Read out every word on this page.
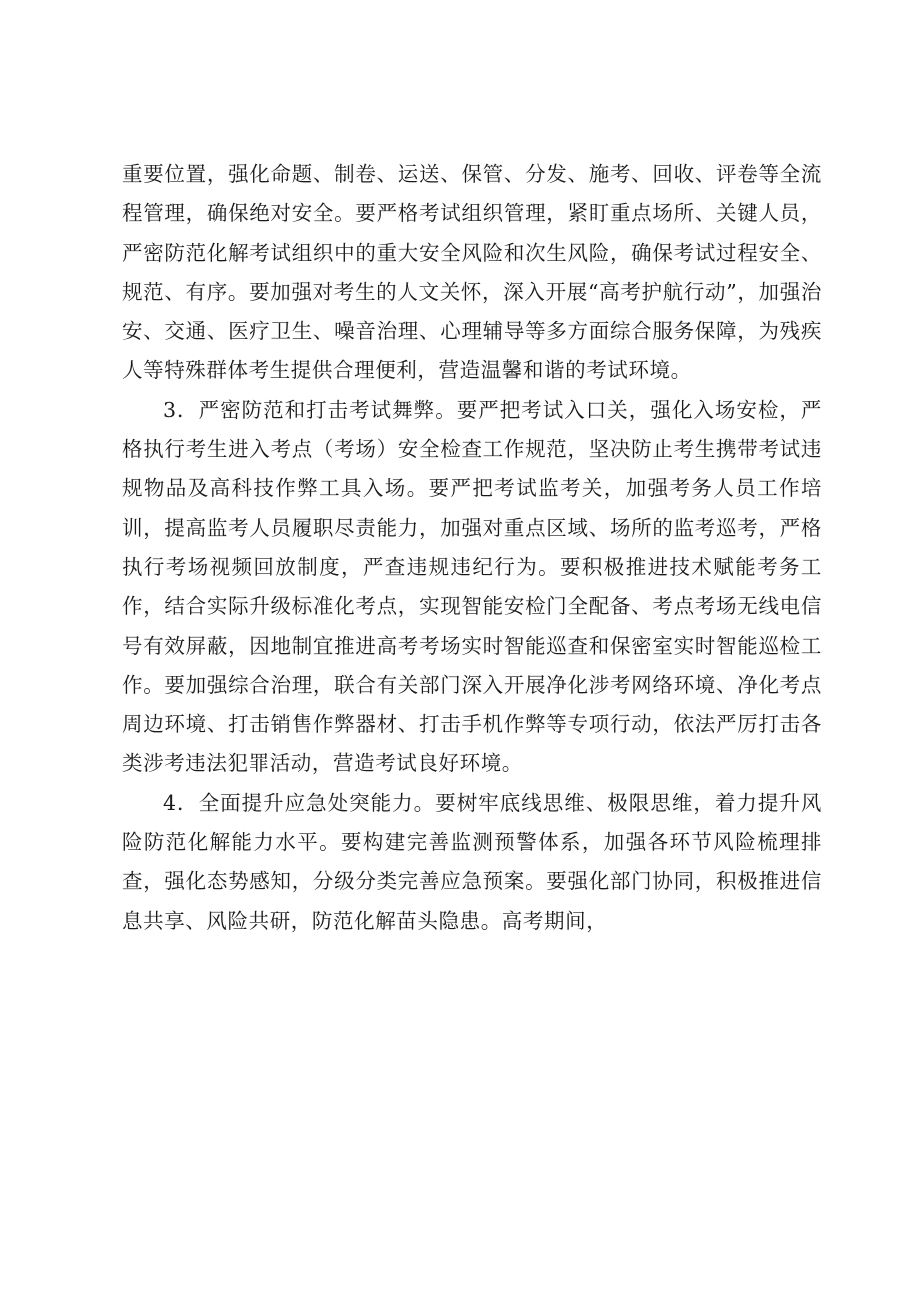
重要位置，强化命题、制卷、运送、保管、分发、施考、回收、评卷等全流程管理，确保绝对安全。要严格考试组织管理，紧盯重点场所、关键人员，严密防范化解考试组织中的重大安全风险和次生风险，确保考试过程安全、规范、有序。要加强对考生的人文关怀，深入开展“高考护航行动”，加强治安、交通、医疗卫生、噪音治理、心理辅导等多方面综合服务保障，为残疾人等特殊群体考生提供合理便利，营造温馨和谐的考试环境。

3．严密防范和打击考试舞弊。要严把考试入口关，强化入场安检，严格执行考生进入考点（考场）安全检查工作规范，坚决防止考生携带考试违规物品及高科技作弊工具入场。要严把考试监考关，加强考务人员工作培训，提高监考人员履职尽责能力，加强对重点区域、场所的监考巡考，严格执行考场视频回放制度，严查违规违纪行为。要积极推进技术赋能考务工作，结合实际升级标准化考点，实现智能安检门全配备、考点考场无线电信号有效屏蔽，因地制宜推进高考考场实时智能巡查和保密室实时智能巡检工作。要加强综合治理，联合有关部门深入开展净化涉考网络环境、净化考点周边环境、打击销售作弊器材、打击手机作弊等专项行动，依法严厉打击各类涉考违法犯罪活动，营造考试良好环境。

4．全面提升应急处突能力。要树牢底线思维、极限思维，着力提升风险防范化解能力水平。要构建完善监测预警体系，加强各环节风险梳理排查，强化态势感知，分级分类完善应急预案。要强化部门协同，积极推进信息共享、风险共研，防范化解苗头隐患。高考期间，
